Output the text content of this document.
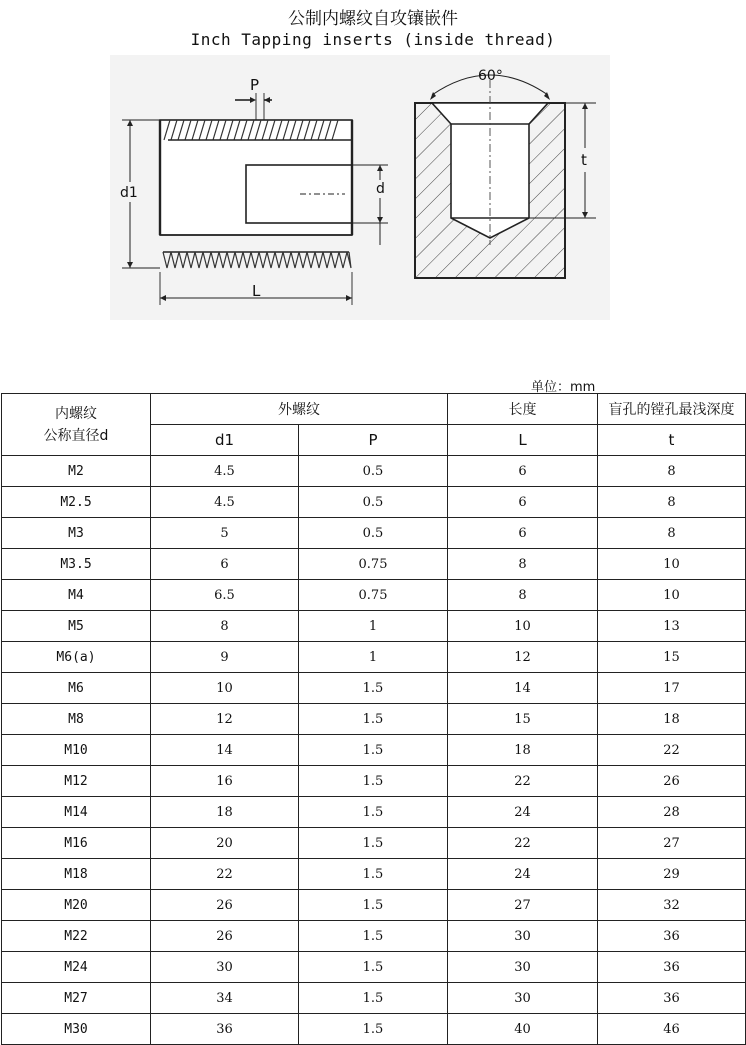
公制内螺纹自攻镶嵌件
Inch Tapping inserts (inside thread)
P
d1	d
L
60°
t
单位：mm
内螺纹
公称直径d	外螺纹		长度	盲孔的镗孔最浅深度
	d1	P	L	t
M2	4.5	0.5	6	8
M2.5	4.5	0.5	6	8
M3	5	0.5	6	8
M3.5	6	0.75	8	10
M4	6.5	0.75	8	10
M5	8	1	10	13
M6(a)	9	1	12	15
M6	10	1.5	14	17
M8	12	1.5	15	18
M10	14	1.5	18	22
M12	16	1.5	22	26
M14	18	1.5	24	28
M16	20	1.5	22	27
M18	22	1.5	24	29
M20	26	1.5	27	32
M22	26	1.5	30	36
M24	30	1.5	30	36
M27	34	1.5	30	36
M30	36	1.5	40	46
